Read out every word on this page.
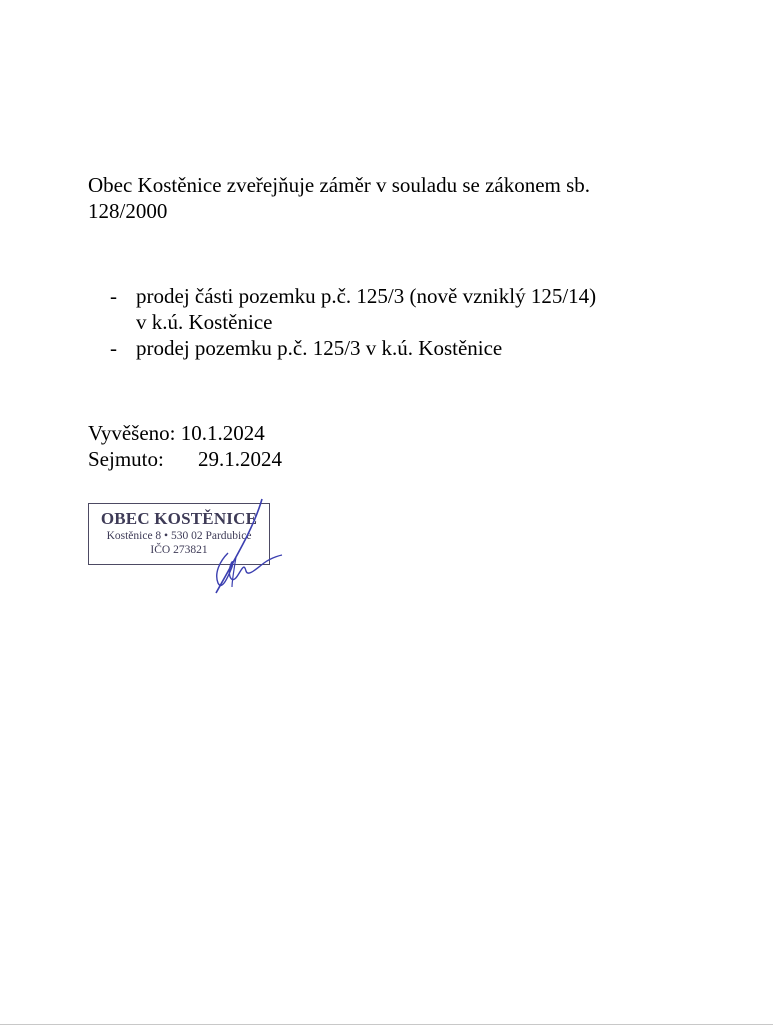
Obec Kostěnice zveřejňuje záměr v souladu se zákonem sb.
128/2000

- prodej části pozemku p.č. 125/3 (nově vzniklý 125/14)
v k.ú. Kostěnice
- prodej pozemku p.č. 125/3 v k.ú. Kostěnice
Vyvěšeno: 10.1.2024
Sejmuto: 29.1.2024
OBEC KOSTĚNICE
Kostěnice 8 • 530 02 Pardubice
IČO 273821
